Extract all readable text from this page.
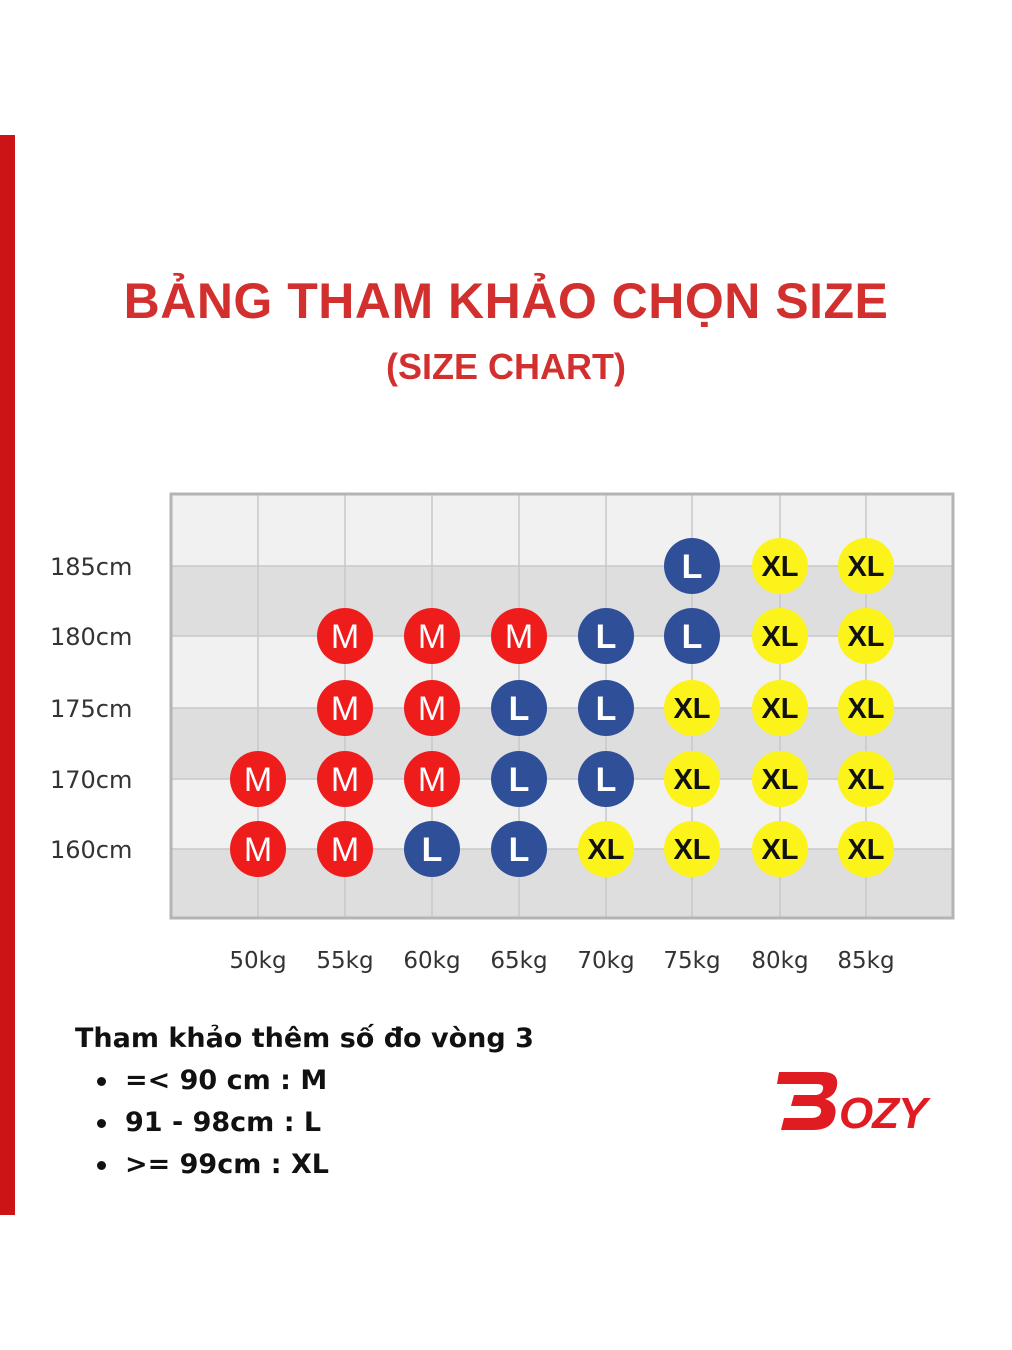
BẢNG THAM KHẢO CHỌN SIZE
(SIZE CHART)
185cm
180cm
175cm
170cm
160cm
50kg 55kg 60kg 65kg 70kg 75kg 80kg 85kg
L XL XL
M M M L L XL XL
M M L L XL XL XL
M M M L L XL XL XL
M M L L XL XL XL XL
Tham khảo thêm số đo vòng 3
=< 90 cm : M
91 - 98cm : L
>= 99cm : XL
OZY
